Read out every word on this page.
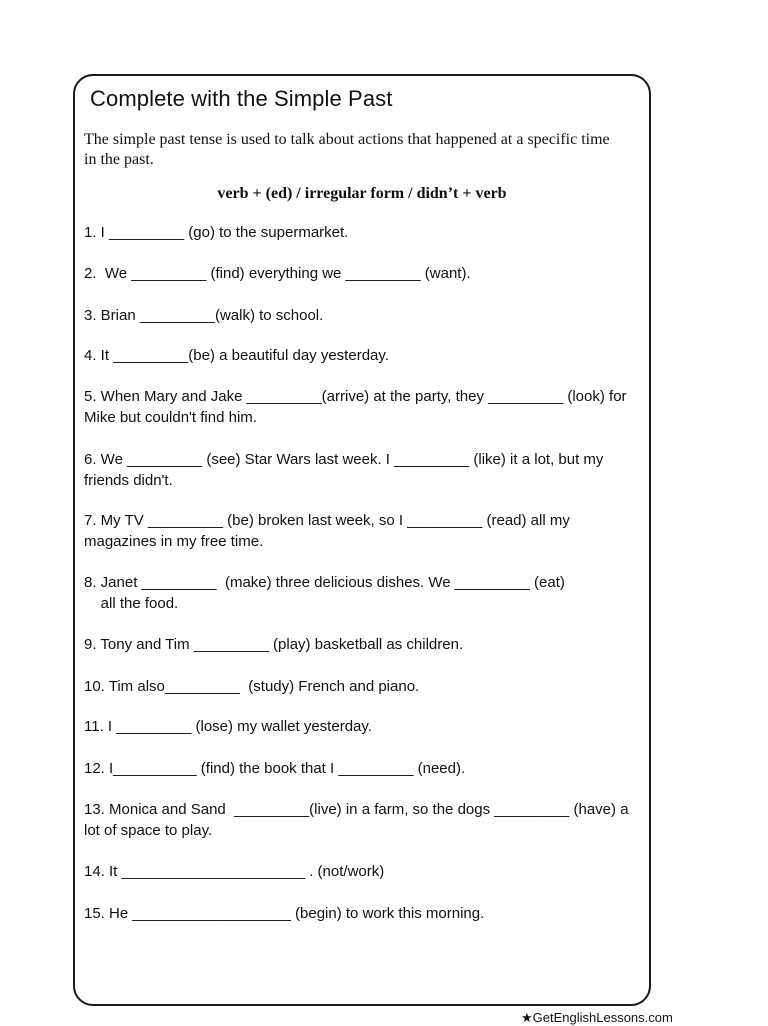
Complete with the Simple Past

The simple past tense is used to talk about actions that happened at a specific time in the past.

verb + (ed) / irregular form / didn’t + verb

1. I _________ (go) to the supermarket.

2.  We _________ (find) everything we _________ (want).

3. Brian _________(walk) to school.

4. It _________(be) a beautiful day yesterday.

5. When Mary and Jake _________(arrive) at the party, they _________ (look) for Mike but couldn't find him.

6. We _________ (see) Star Wars last week. I _________ (like) it a lot, but my friends didn't.

7. My TV _________ (be) broken last week, so I _________ (read) all my magazines in my free time.

8. Janet _________  (make) three delicious dishes. We _________ (eat)
all the food.

9. Tony and Tim _________ (play) basketball as children.

10. Tim also_________  (study) French and piano.

11. I _________ (lose) my wallet yesterday.

12. I__________ (find) the book that I _________ (need).

13. Monica and Sand  _________(live) in a farm, so the dogs _________ (have) a lot of space to play.

14. It ______________________ . (not/work)

15. He ___________________ (begin) to work this morning.

★GetEnglishLessons.com
